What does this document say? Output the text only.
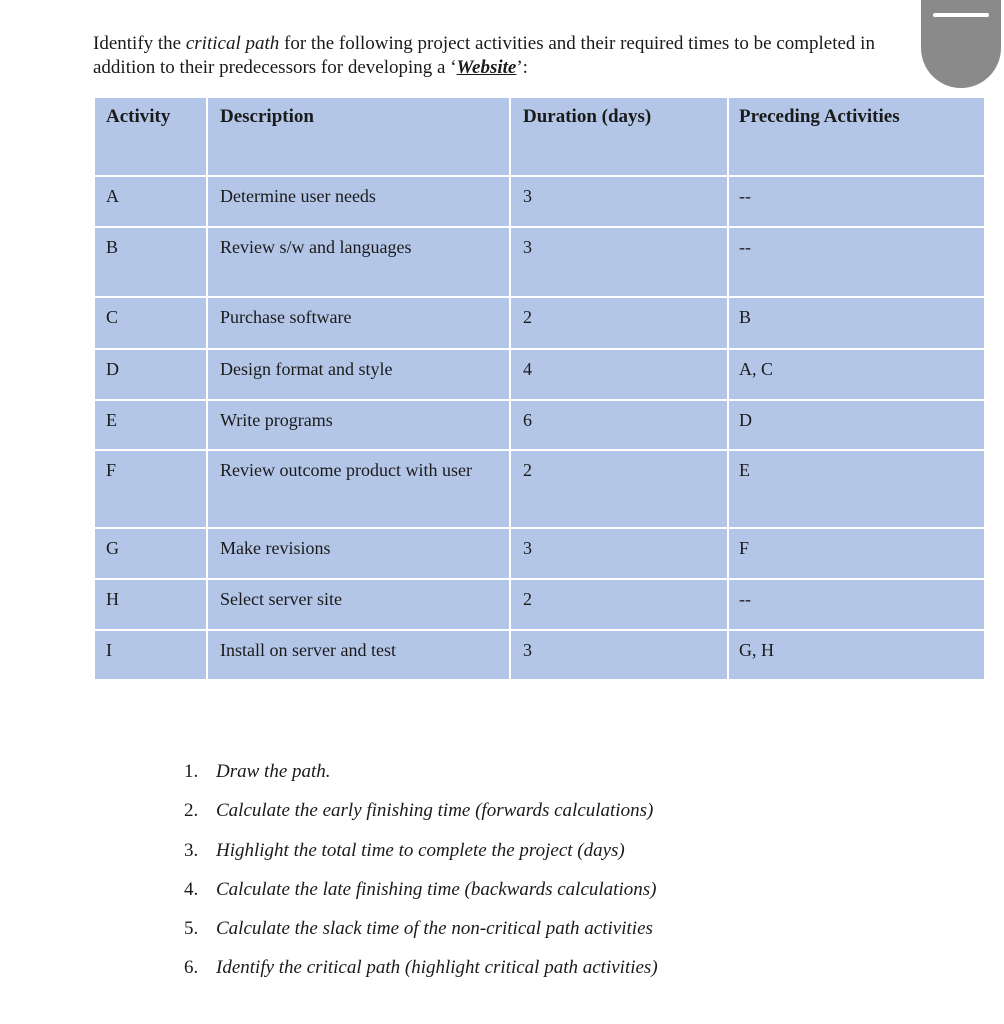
Identify the critical path for the following project activities and their required times to be completed in addition to their predecessors for developing a ‘Website’:

Activity	Description	Duration (days)	Preceding Activities
A	Determine user needs	3	--
B	Review s/w and languages	3	--
C	Purchase software	2	B
D	Design format and style	4	A, C
E	Write programs	6	D
F	Review outcome product with user	2	E
G	Make revisions	3	F
H	Select server site	2	--
I	Install on server and test	3	G, H
1. Draw the path.
2. Calculate the early finishing time (forwards calculations)
3. Highlight the total time to complete the project (days)
4. Calculate the late finishing time (backwards calculations)
5. Calculate the slack time of the non-critical path activities
6. Identify the critical path (highlight critical path activities)
